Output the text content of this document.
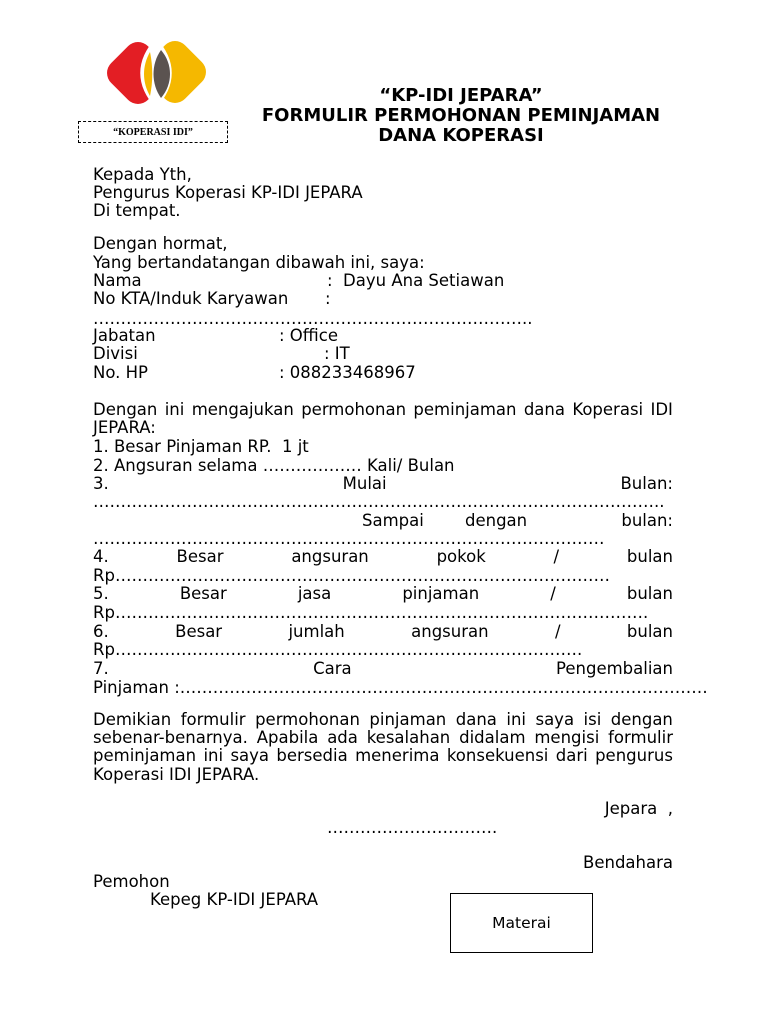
“KOPERASI IDI”
“KP-IDI JEPARA”
FORMULIR PERMOHONAN PEMINJAMAN
DANA KOPERASI
Kepada Yth,
Pengurus Koperasi KP-IDI JEPARA
Di tempat.
Dengan hormat,
Yang bertandatangan dibawah ini, saya:
Nama	:  Dayu Ana Setiawan
No KTA/Induk Karyawan :
……………………………………………………………………..
Jabatan	: Office
Divisi	: IT
No. HP	: 088233468967
Dengan ini mengajukan permohonan peminjaman dana Koperasi IDI
JEPARA:
1. Besar Pinjaman RP.  1 jt
2. Angsuran selama ……………… Kali/ Bulan
3.	Mulai	Bulan:
…………………………………………………………………………………………..
Sampai dengan	bulan:
…………………………………………………………………………………
4.	Besar	angsuran	pokok	/	bulan
Rp………………………………………………………………………………
5.	Besar	jasa	pinjaman	/	bulan
Rp…………………………………………………………………………………….
6.	Besar	jumlah	angsuran	/	bulan
Rp………………………………………………………………………….
7.	Cara	Pengembalian
Pinjaman :……………………………………………………………………………………
Demikian formulir permohonan pinjaman dana ini saya isi dengan
sebenar-benarnya. Apabila ada kesalahan didalam mengisi formulir
peminjaman ini saya bersedia menerima konsekuensi dari pengurus
Koperasi IDI JEPARA.
Jepara  ,
………………………….
Bendahara
Pemohon
Kepeg KP-IDI JEPARA
Materai
